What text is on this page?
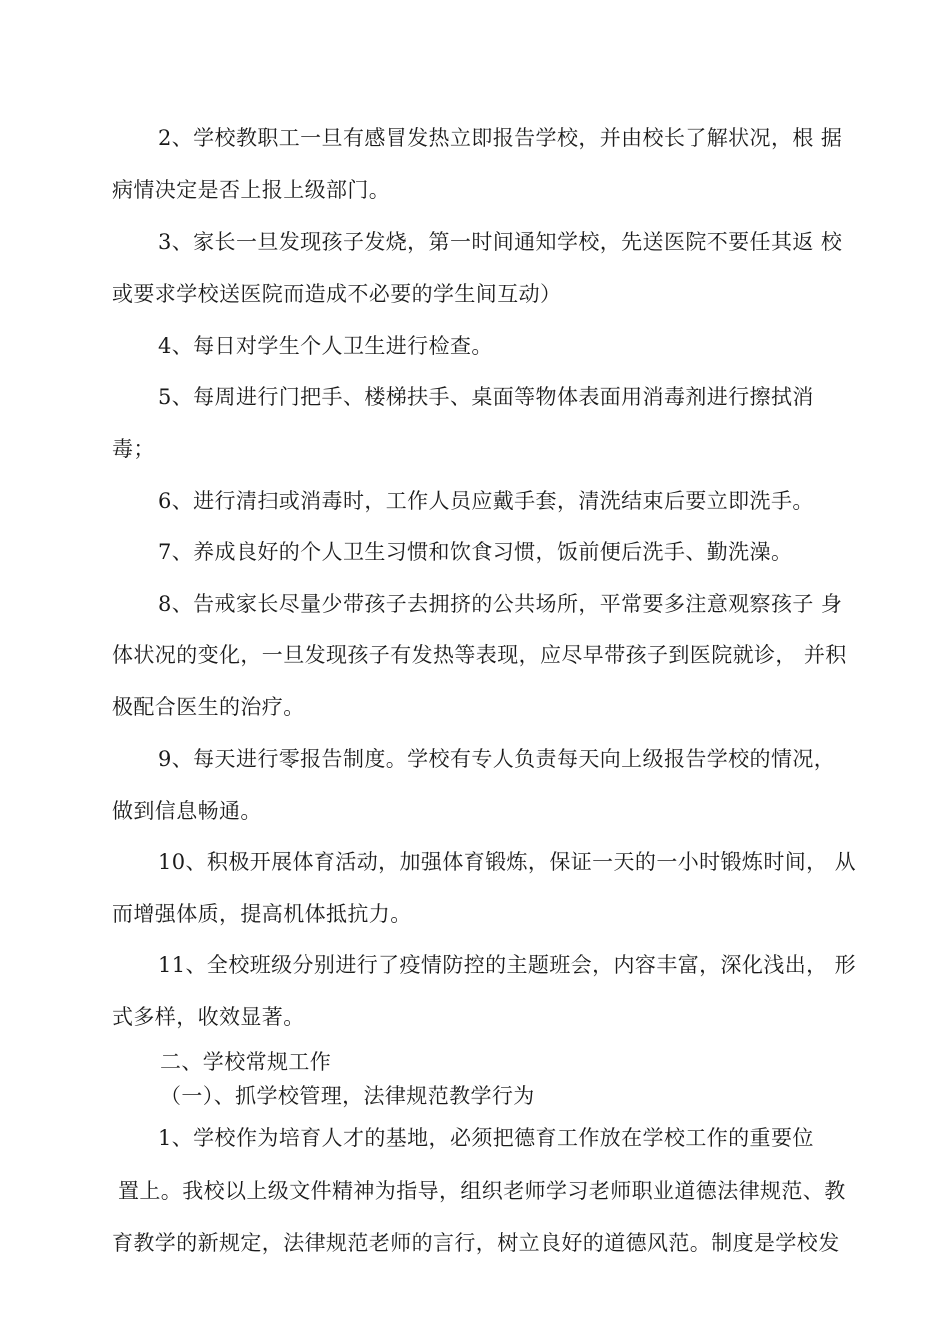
2、学校教职工一旦有感冒发热立即报告学校，并由校长了解状况，根 据
病情决定是否上报上级部门。
3、家长一旦发现孩子发烧，第一时间通知学校，先送医院不要任其返 校
或要求学校送医院而造成不必要的学生间互动）
4、每日对学生个人卫生进行检查。
5、每周进行门把手、楼梯扶手、桌面等物体表面用消毒剂进行擦拭消
毒；
6、进行清扫或消毒时，工作人员应戴手套，清洗结束后要立即洗手。
7、养成良好的个人卫生习惯和饮食习惯，饭前便后洗手、勤洗澡。
8、告戒家长尽量少带孩子去拥挤的公共场所，平常要多注意观察孩子 身
体状况的变化，一旦发现孩子有发热等表现，应尽早带孩子到医院就诊， 并积
极配合医生的治疗。
9、每天进行零报告制度。学校有专人负责每天向上级报告学校的情况，
做到信息畅通。
10、积极开展体育活动，加强体育锻炼，保证一天的一小时锻炼时间， 从
而增强体质，提高机体抵抗力。
11、全校班级分别进行了疫情防控的主题班会，内容丰富，深化浅出， 形
式多样，收效显著。
二、学校常规工作
（一）、抓学校管理，法律规范教学行为
1、学校作为培育人才的基地，必须把德育工作放在学校工作的重要位
置上。我校以上级文件精神为指导，组织老师学习老师职业道德法律规范、教
育教学的新规定，法律规范老师的言行，树立良好的道德风范。制度是学校发
